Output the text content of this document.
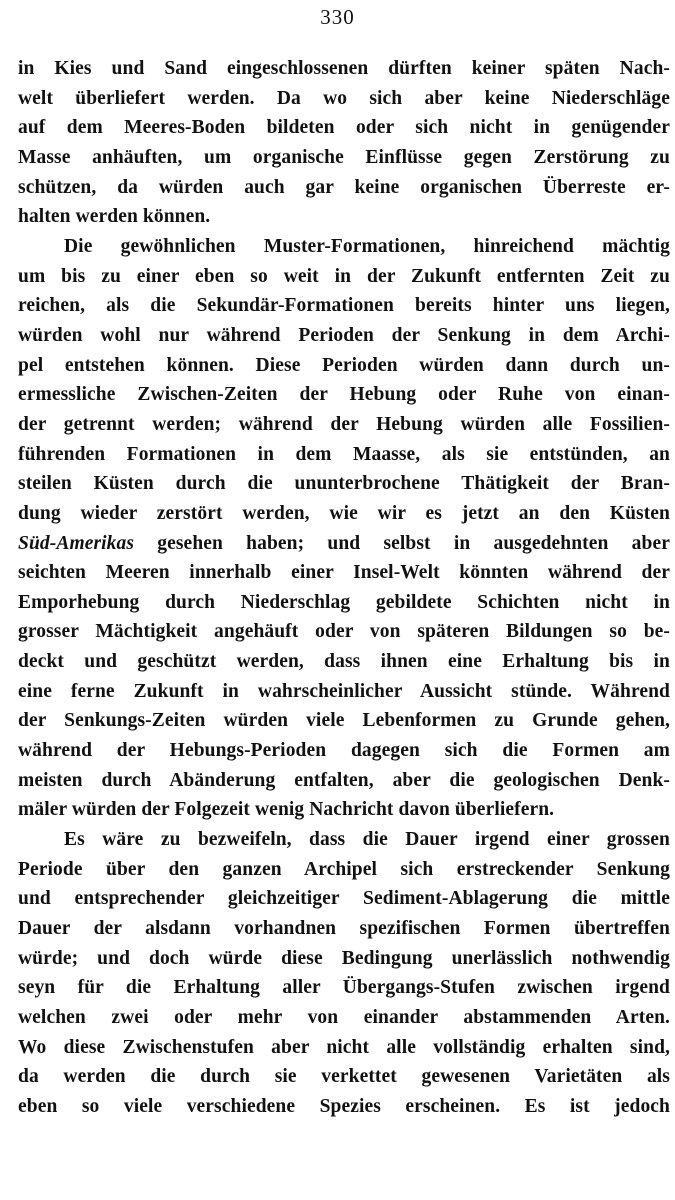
330

in Kies und Sand eingeschlossenen dürften keiner späten Nach-
welt überliefert werden. Da wo sich aber keine Niederschläge
auf dem Meeres-Boden bildeten oder sich nicht in genügender
Masse anhäuften, um organische Einflüsse gegen Zerstörung zu
schützen, da würden auch gar keine organischen Überreste er-
halten werden können.

Die gewöhnlichen Muster-Formationen, hinreichend mächtig
um bis zu einer eben so weit in der Zukunft entfernten Zeit zu
reichen, als die Sekundär-Formationen bereits hinter uns liegen,
würden wohl nur während Perioden der Senkung in dem Archi-
pel entstehen können. Diese Perioden würden dann durch un-
ermessliche Zwischen-Zeiten der Hebung oder Ruhe von einan-
der getrennt werden; während der Hebung würden alle Fossilien-
führenden Formationen in dem Maasse, als sie entstünden, an
steilen Küsten durch die ununterbrochene Thätigkeit der Bran-
dung wieder zerstört werden, wie wir es jetzt an den Küsten
Süd-Amerikas gesehen haben; und selbst in ausgedehnten aber
seichten Meeren innerhalb einer Insel-Welt könnten während der
Emporhebung durch Niederschlag gebildete Schichten nicht in
grosser Mächtigkeit angehäuft oder von späteren Bildungen so be-
deckt und geschützt werden, dass ihnen eine Erhaltung bis in
eine ferne Zukunft in wahrscheinlicher Aussicht stünde. Während
der Senkungs-Zeiten würden viele Lebenformen zu Grunde gehen,
während der Hebungs-Perioden dagegen sich die Formen am
meisten durch Abänderung entfalten, aber die geologischen Denk-
mäler würden der Folgezeit wenig Nachricht davon überliefern.

Es wäre zu bezweifeln, dass die Dauer irgend einer grossen
Periode über den ganzen Archipel sich erstreckender Senkung
und entsprechender gleichzeitiger Sediment-Ablagerung die mittle
Dauer der alsdann vorhandnen spezifischen Formen übertreffen
würde; und doch würde diese Bedingung unerlässlich nothwendig
seyn für die Erhaltung aller Übergangs-Stufen zwischen irgend
welchen zwei oder mehr von einander abstammenden Arten.
Wo diese Zwischenstufen aber nicht alle vollständig erhalten sind,
da werden die durch sie verkettet gewesenen Varietäten als
eben so viele verschiedene Spezies erscheinen. Es ist jedoch
